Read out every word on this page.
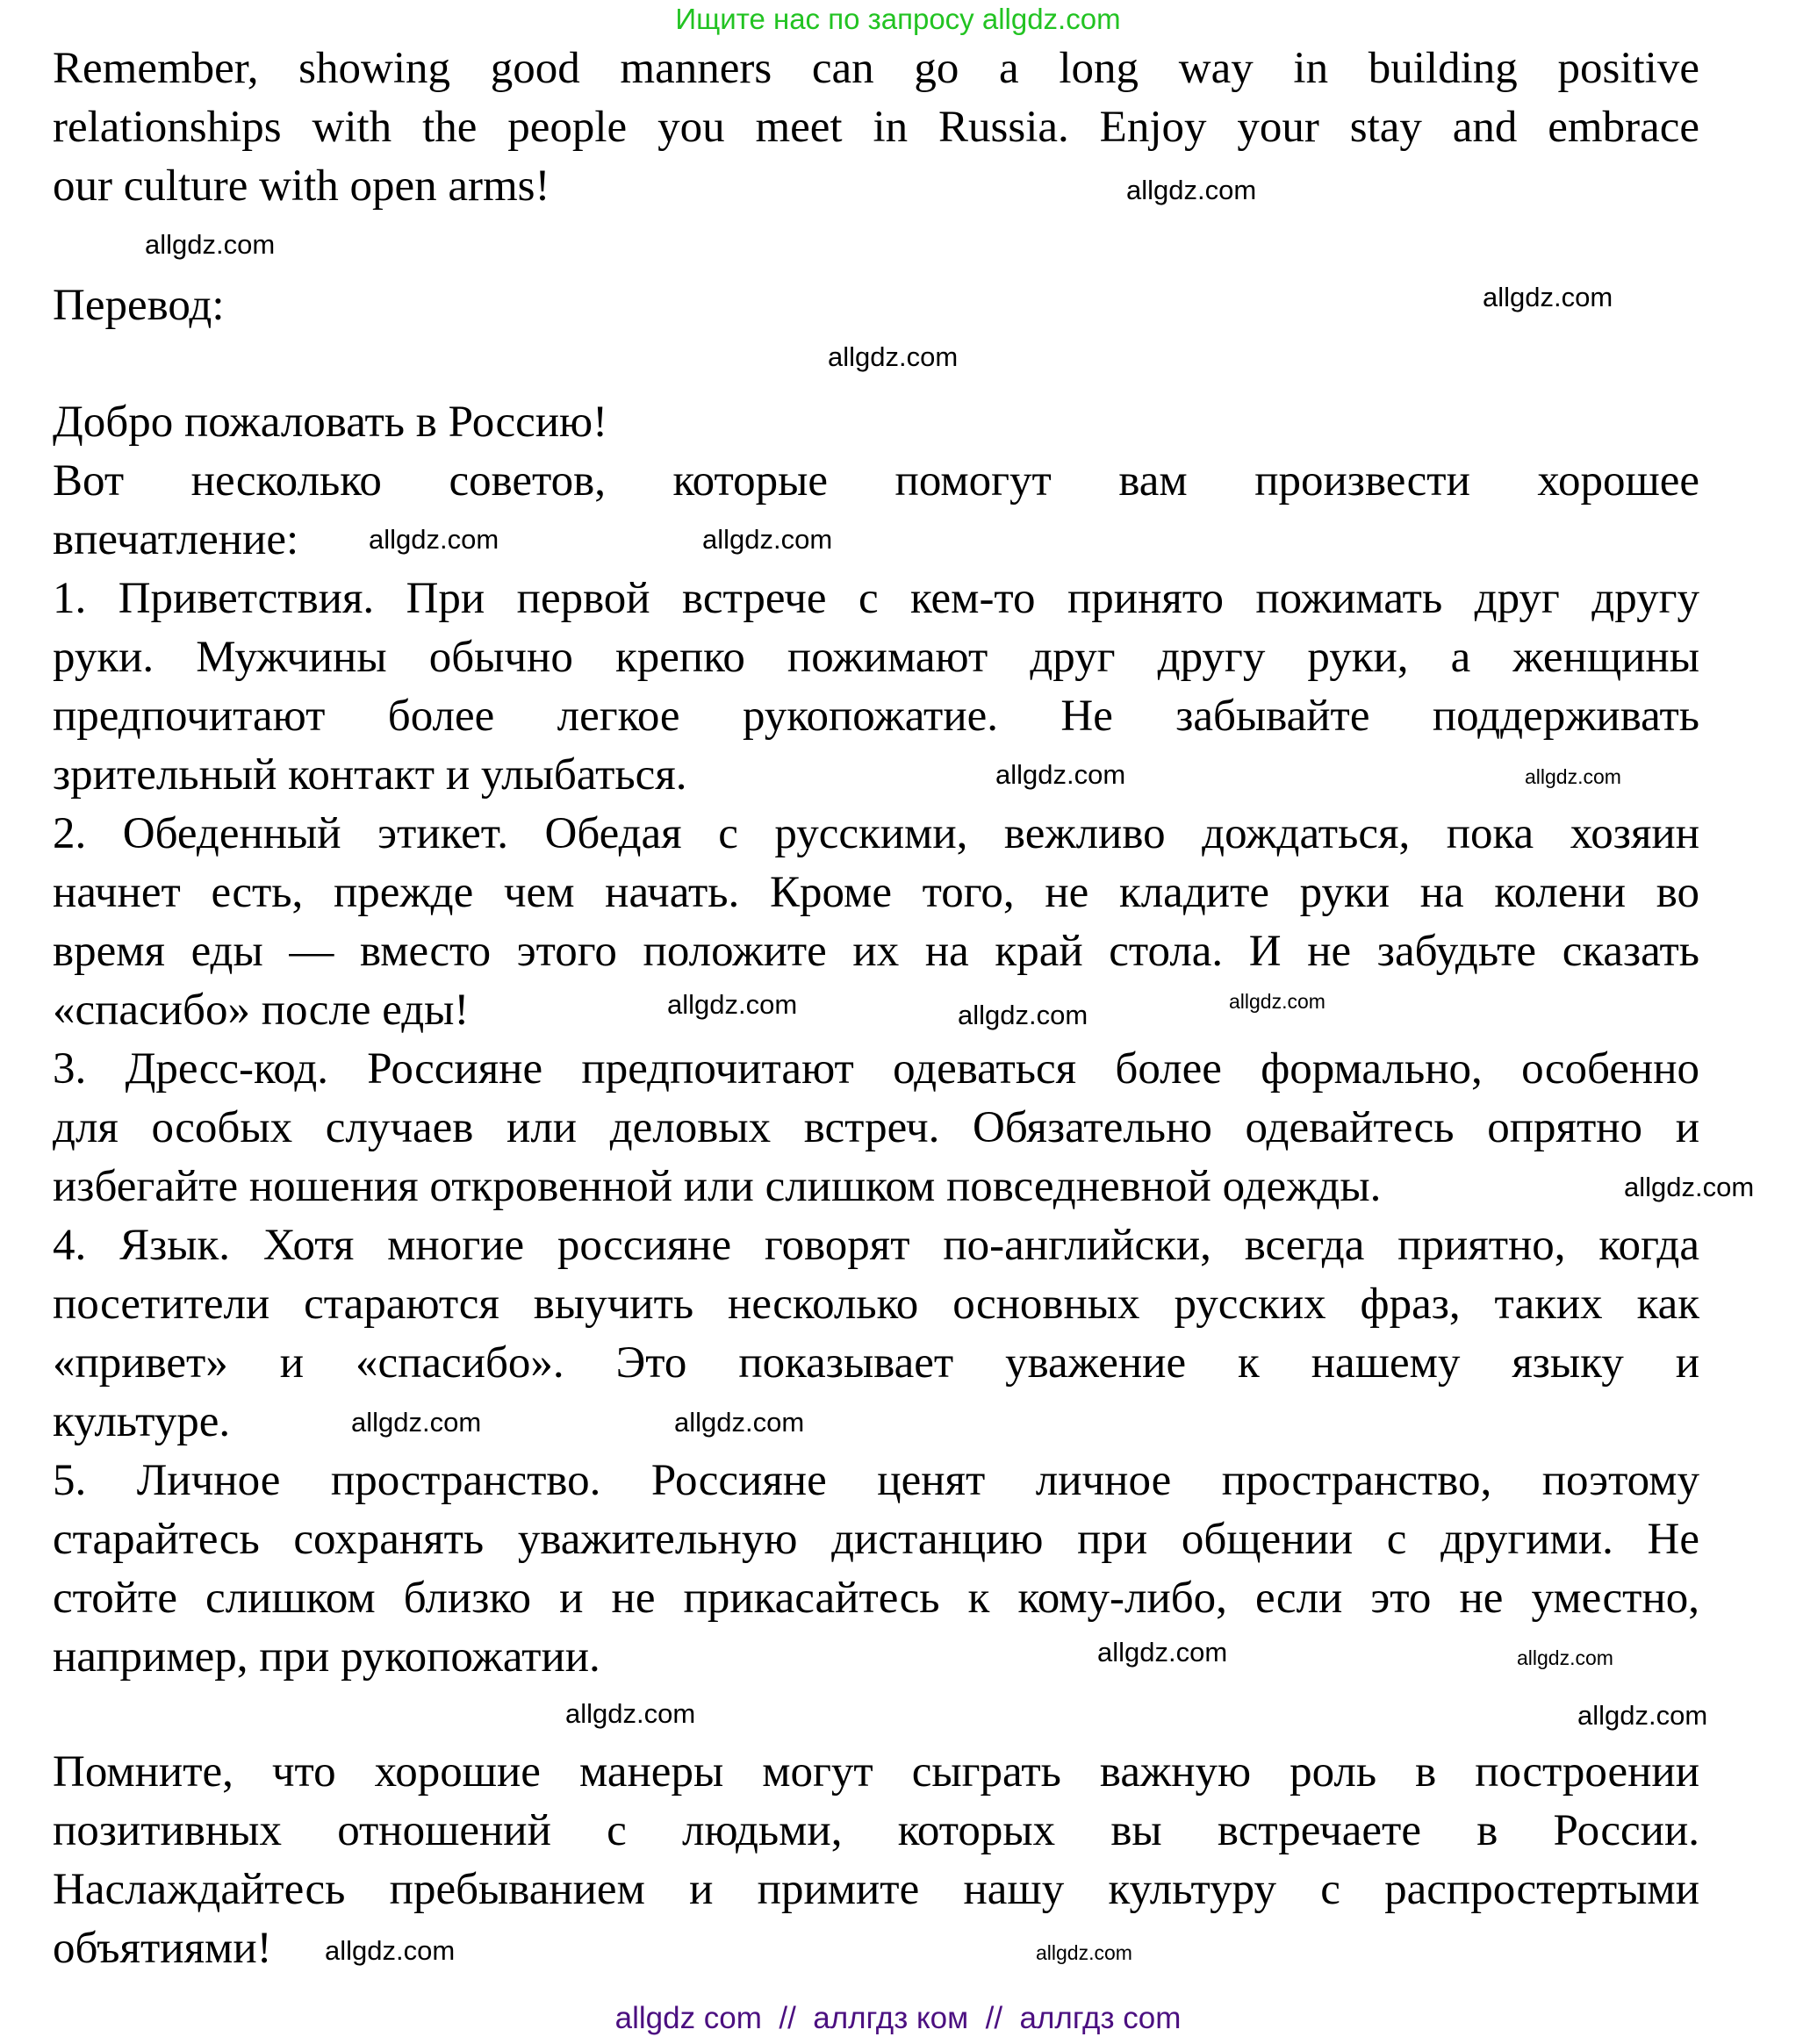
Ищите нас по запросу allgdz.com
Remember, showing good manners can go a long way in building positive
relationships with the people you meet in Russia. Enjoy your stay and embrace
our culture with open arms!
Перевод:
Добро пожаловать в Россию!
Вот несколько советов, которые помогут вам произвести хорошее
впечатление:
1. Приветствия. При первой встрече с кем-то принято пожимать друг другу
руки. Мужчины обычно крепко пожимают друг другу руки, а женщины
предпочитают более легкое рукопожатие. Не забывайте поддерживать
зрительный контакт и улыбаться.
2. Обеденный этикет. Обедая с русскими, вежливо дождаться, пока хозяин
начнет есть, прежде чем начать. Кроме того, не кладите руки на колени во
время еды — вместо этого положите их на край стола. И не забудьте сказать
«спасибо» после еды!
3. Дресс-код. Россияне предпочитают одеваться более формально, особенно
для особых случаев или деловых встреч. Обязательно одевайтесь опрятно и
избегайте ношения откровенной или слишком повседневной одежды.
4. Язык. Хотя многие россияне говорят по-английски, всегда приятно, когда
посетители стараются выучить несколько основных русских фраз, таких как
«привет» и «спасибо». Это показывает уважение к нашему языку и
культуре.
5. Личное пространство. Россияне ценят личное пространство, поэтому
старайтесь сохранять уважительную дистанцию при общении с другими. Не
стойте слишком близко и не прикасайтесь к кому-либо, если это не уместно,
например, при рукопожатии.
Помните, что хорошие манеры могут сыграть важную роль в построении
позитивных отношений с людьми, которых вы встречаете в России.
Наслаждайтесь пребыванием и примите нашу культуру с распростертыми
объятиями!
allgdz.com
allgdz.com
allgdz.com
allgdz.com
allgdz.com	allgdz.com
allgdz.com
allgdz.com
allgdz.com
allgdz.com	allgdz.com
allgdz.com
allgdz.com
allgdz.com
allgdz.com
allgdz.com
allgdz.com	allgdz.com
allgdz.com
allgdz.com
allgdz com  //  аллгдз ком  //  аллгдз com
